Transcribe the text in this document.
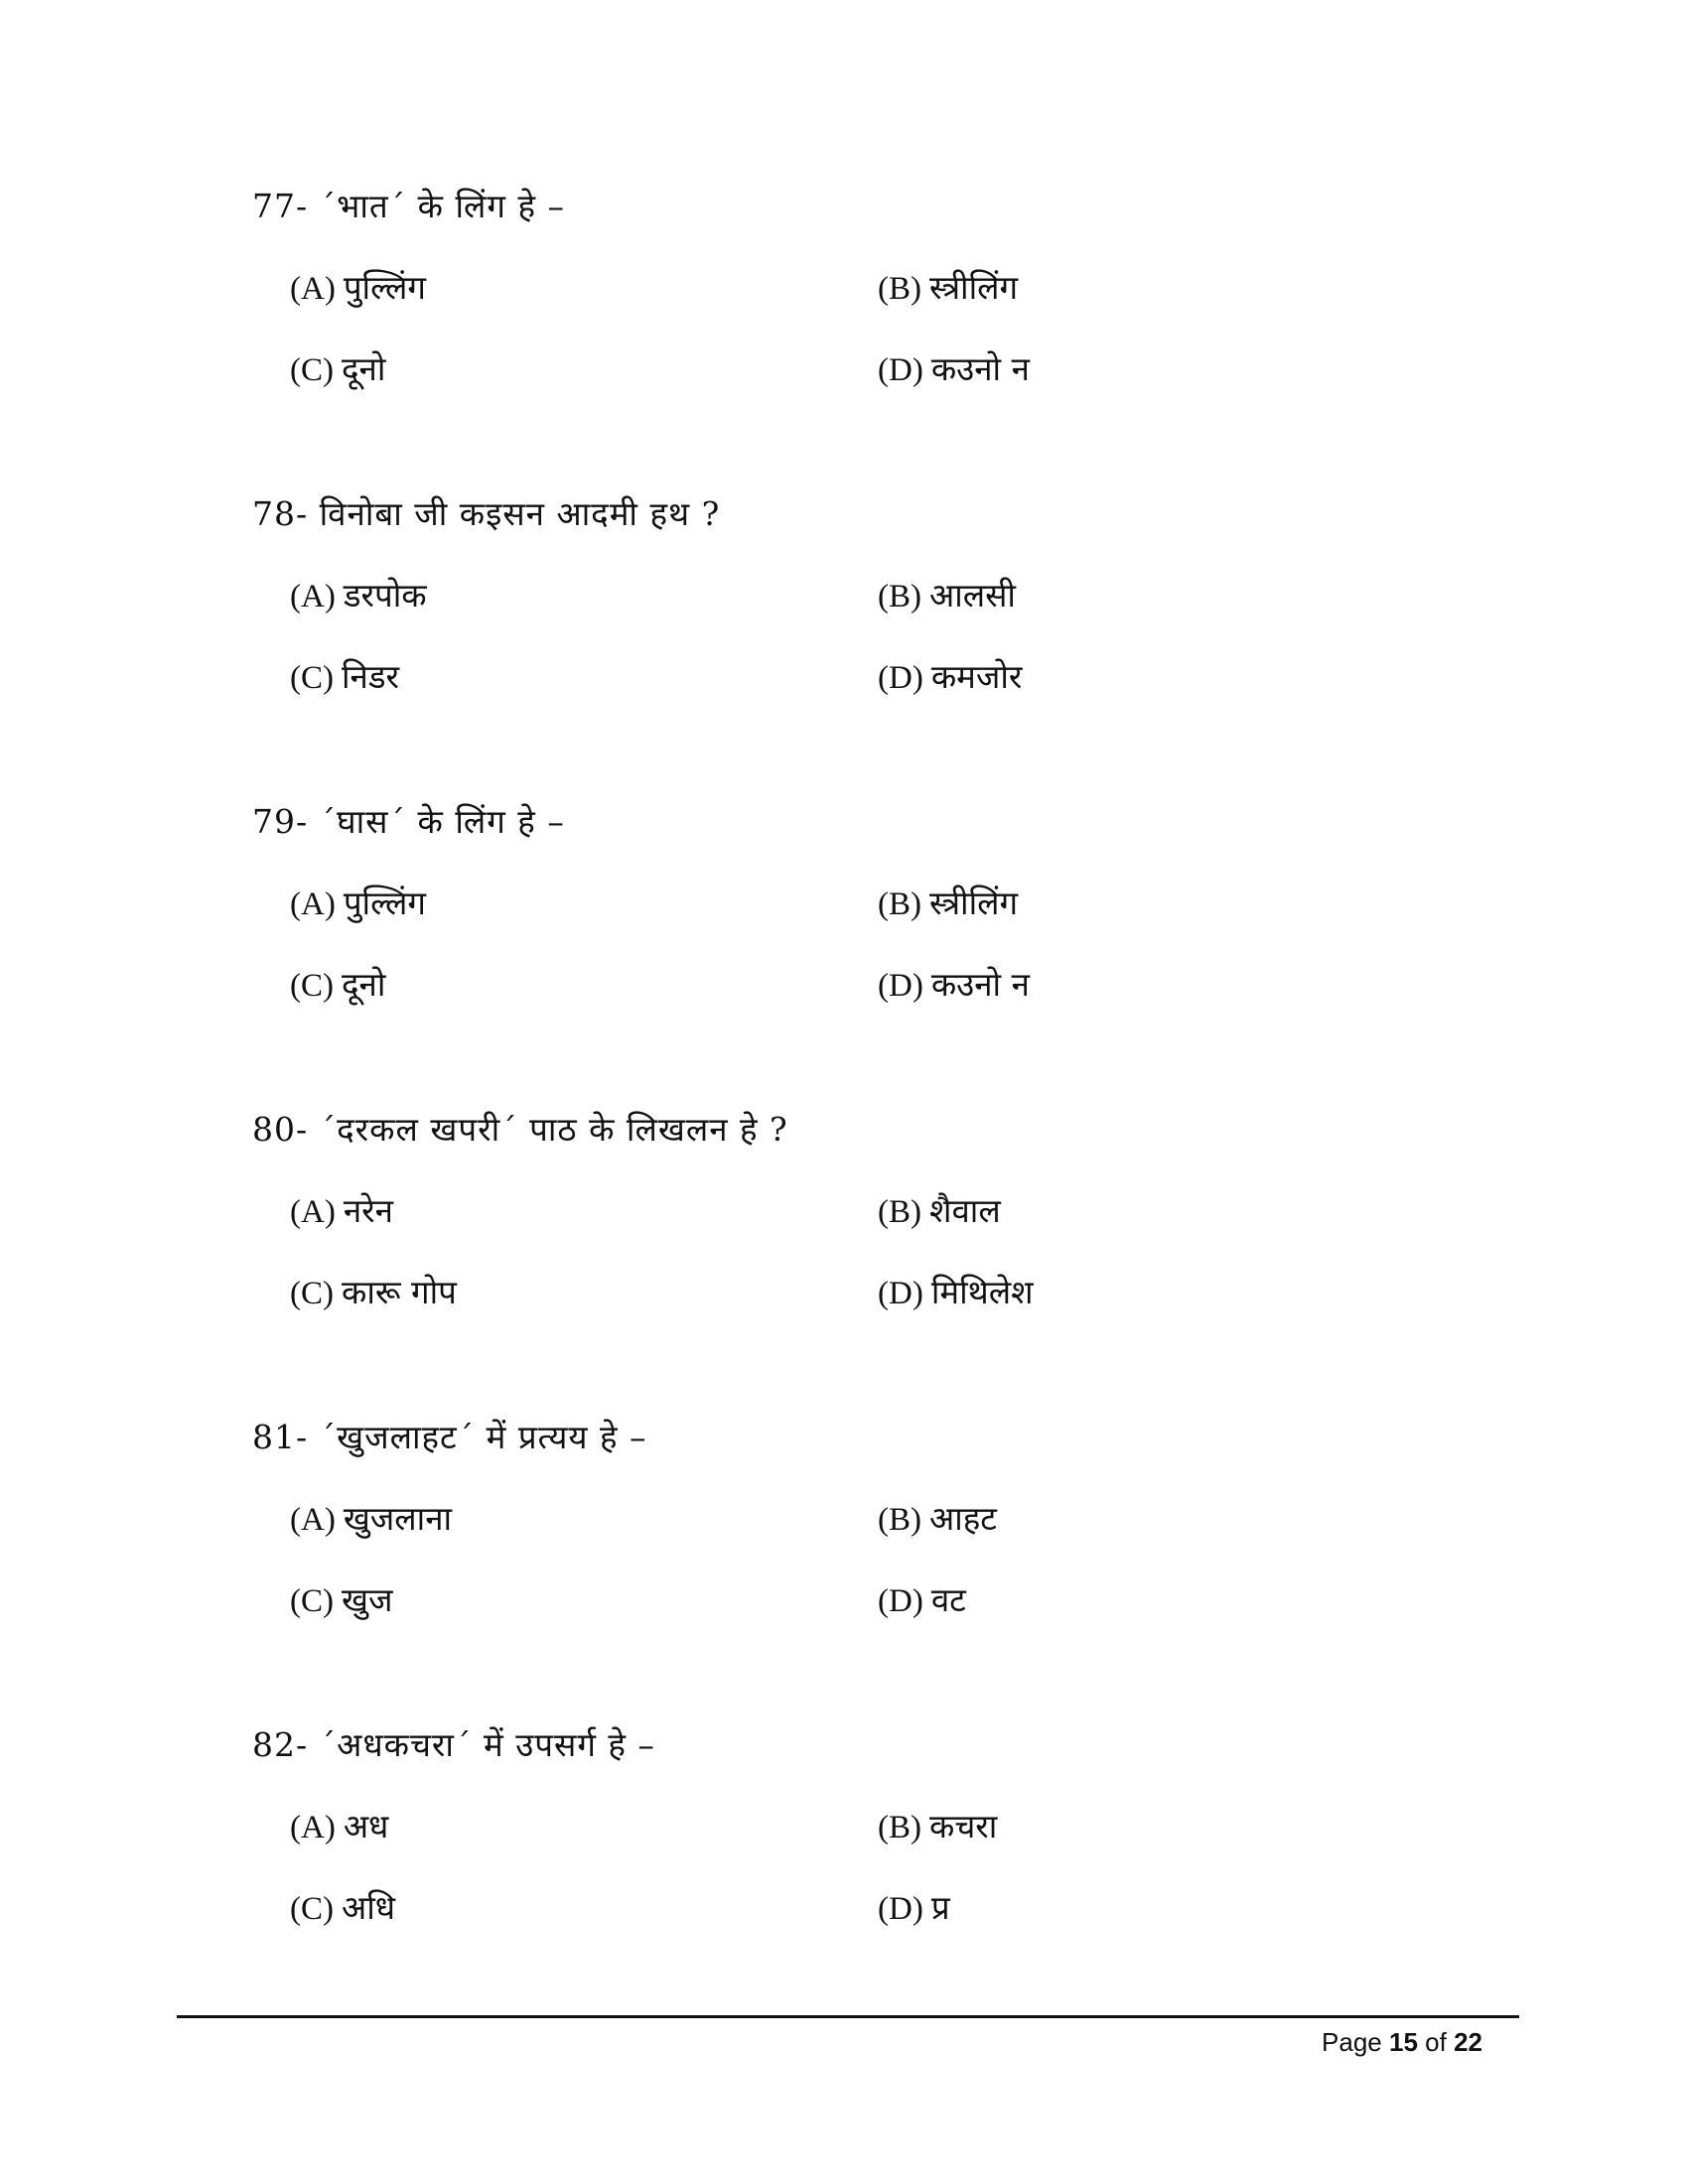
77- ´भात´ के लिंग हे –
(A) पुल्लिंग	(B) स्त्रीलिंग
(C) दूनो	(D) कउनो न
78- विनोबा जी कइसन आदमी हथ ?
(A) डरपोक	(B) आलसी
(C) निडर	(D) कमजोर
79- ´घास´ के लिंग हे –
(A) पुल्लिंग	(B) स्त्रीलिंग
(C) दूनो	(D) कउनो न
80- ´दरकल खपरी´ पाठ के लिखलन हे ?
(A) नरेन	(B) शैवाल
(C) कारू गोप	(D) मिथिलेश
81- ´खुजलाहट´ में प्रत्यय हे –
(A) खुजलाना	(B) आहट
(C) खुज	(D) वट
82- ´अधकचरा´ में उपसर्ग हे –
(A) अध	(B) कचरा
(C) अधि	(D) प्र
Page 15 of 22
